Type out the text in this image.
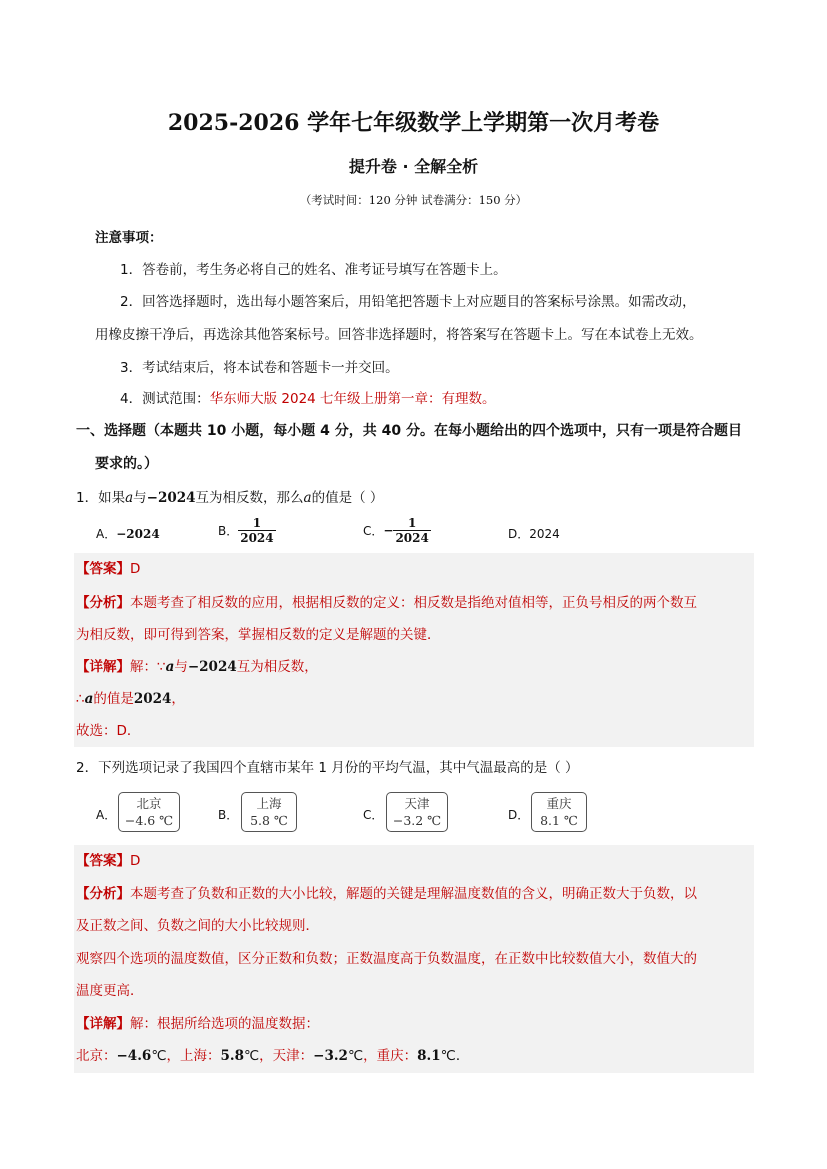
2025-2026 学年七年级数学上学期第一次月考卷
提升卷 · 全解全析
（考试时间：120 分钟 试卷满分：150 分）
注意事项：
1．答卷前，考生务必将自己的姓名、准考证号填写在答题卡上。
2．回答选择题时，选出每小题答案后，用铅笔把答题卡上对应题目的答案标号涂黑。如需改动，
用橡皮擦干净后，再选涂其他答案标号。回答非选择题时，将答案写在答题卡上。写在本试卷上无效。
3．考试结束后，将本试卷和答题卡一并交回。
4．测试范围：华东师大版 2024 七年级上册第一章：有理数。
一、选择题（本题共 10 小题，每小题 4 分，共 40 分。在每小题给出的四个选项中，只有一项是符合题目
要求的。）
1．如果a与−2024互为相反数，那么a的值是（ ）
A．−2024	B． $\frac{1}{2024}$	C．− $\frac{1}{2024}$	D．2024
【答案】D
【分析】本题考查了相反数的应用，根据相反数的定义：相反数是指绝对值相等，正负号相反的两个数互
为相反数，即可得到答案，掌握相反数的定义是解题的关键．
【详解】解：∵a与−2024互为相反数，
∴a的值是2024，
故选：D．
2．下列选项记录了我国四个直辖市某年 1 月份的平均气温，其中气温最高的是（ ）
A．
北京
−4.6 ℃	B．
上海
5.8 ℃	C．
天津
−3.2 ℃	D．
重庆
8.1 ℃
【答案】D
【分析】本题考查了负数和正数的大小比较，解题的关键是理解温度数值的含义，明确正数大于负数，以
及正数之间、负数之间的大小比较规则．
观察四个选项的温度数值，区分正数和负数；正数温度高于负数温度，在正数中比较数值大小，数值大的
温度更高．
【详解】解：根据所给选项的温度数据：
北京：−4.6℃，上海：5.8℃，天津：−3.2℃，重庆：8.1℃．
